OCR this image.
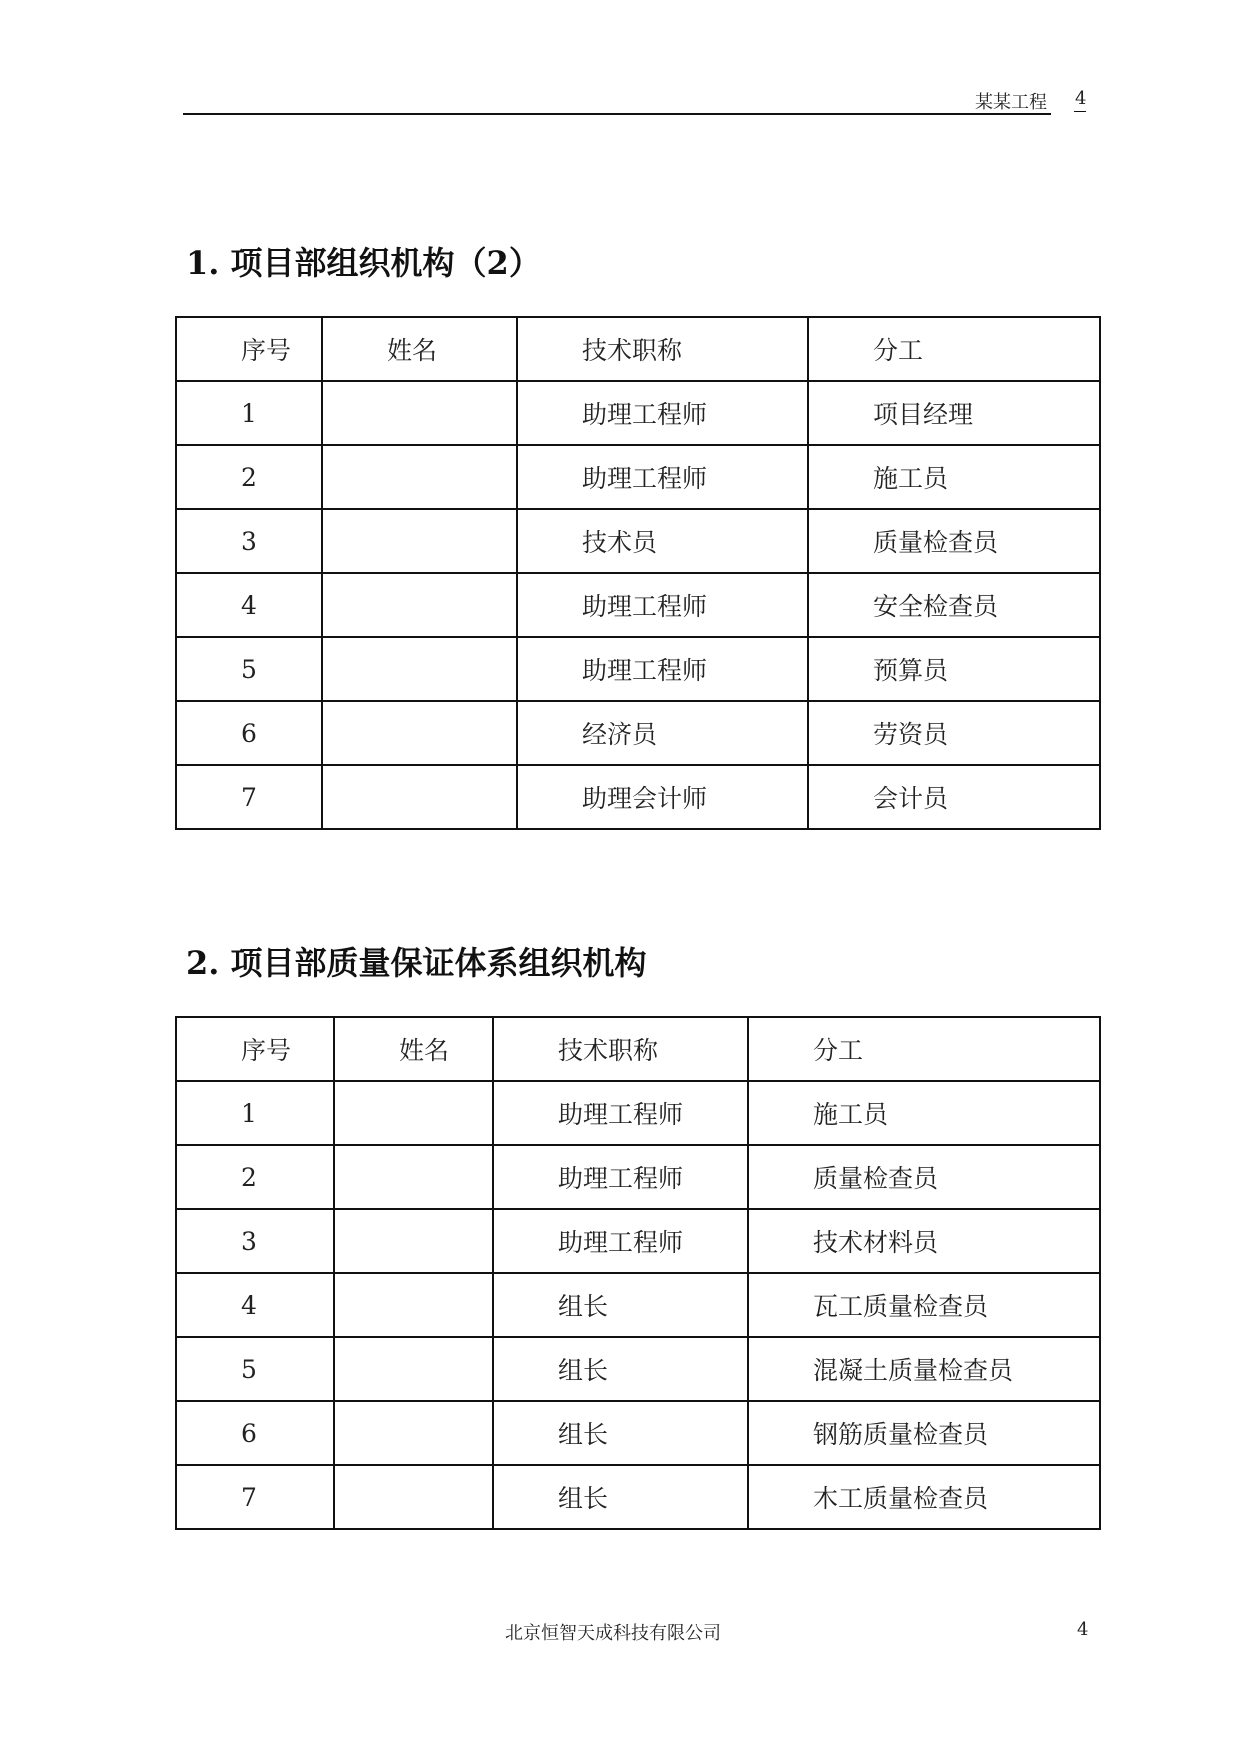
某某工程 4
1. 项目部组织机构（2）
序号	姓名	技术职称	分工
1		助理工程师	项目经理
2		助理工程师	施工员
3		技术员	质量检查员
4		助理工程师	安全检查员
5		助理工程师	预算员
6		经济员	劳资员
7		助理会计师	会计员
2. 项目部质量保证体系组织机构
序号	姓名	技术职称	分工
1		助理工程师	施工员
2		助理工程师	质量检查员
3		助理工程师	技术材料员
4		组长	瓦工质量检查员
5		组长	混凝土质量检查员
6		组长	钢筋质量检查员
7		组长	木工质量检查员
北京恒智天成科技有限公司	4
